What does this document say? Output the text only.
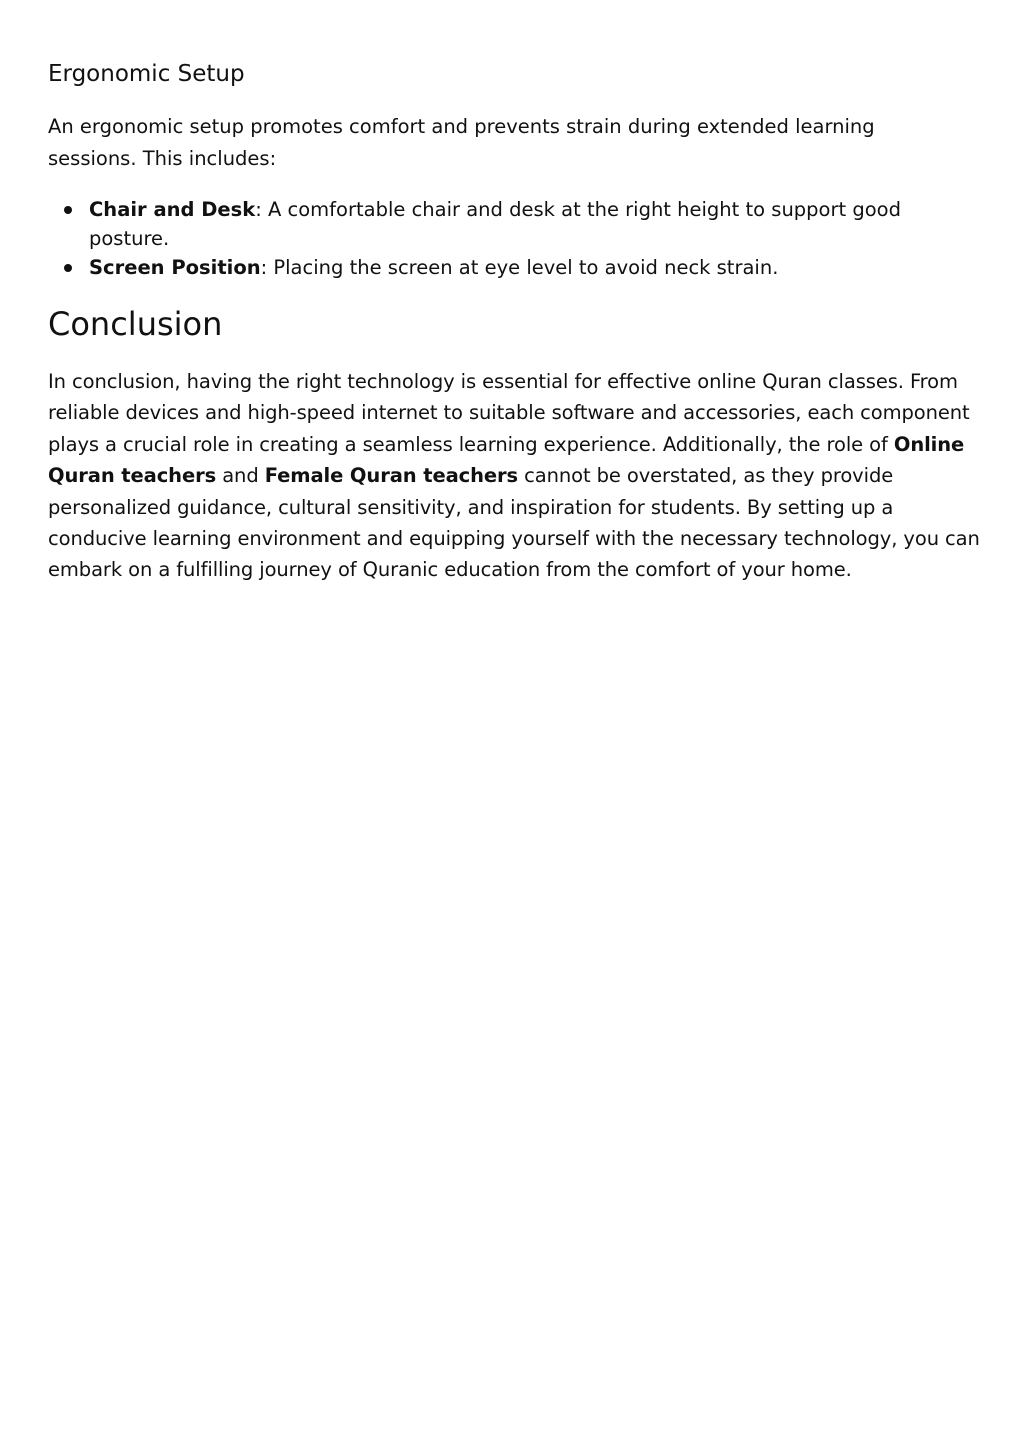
Ergonomic Setup

An ergonomic setup promotes comfort and prevents strain during extended learning sessions. This includes:

Chair and Desk: A comfortable chair and desk at the right height to support good posture.
Screen Position: Placing the screen at eye level to avoid neck strain.
Conclusion

In conclusion, having the right technology is essential for effective online Quran classes. From reliable devices and high-speed internet to suitable software and accessories, each component plays a crucial role in creating a seamless learning experience. Additionally, the role of Online Quran teachers and Female Quran teachers cannot be overstated, as they provide personalized guidance, cultural sensitivity, and inspiration for students. By setting up a conducive learning environment and equipping yourself with the necessary technology, you can embark on a fulfilling journey of Quranic education from the comfort of your home.
